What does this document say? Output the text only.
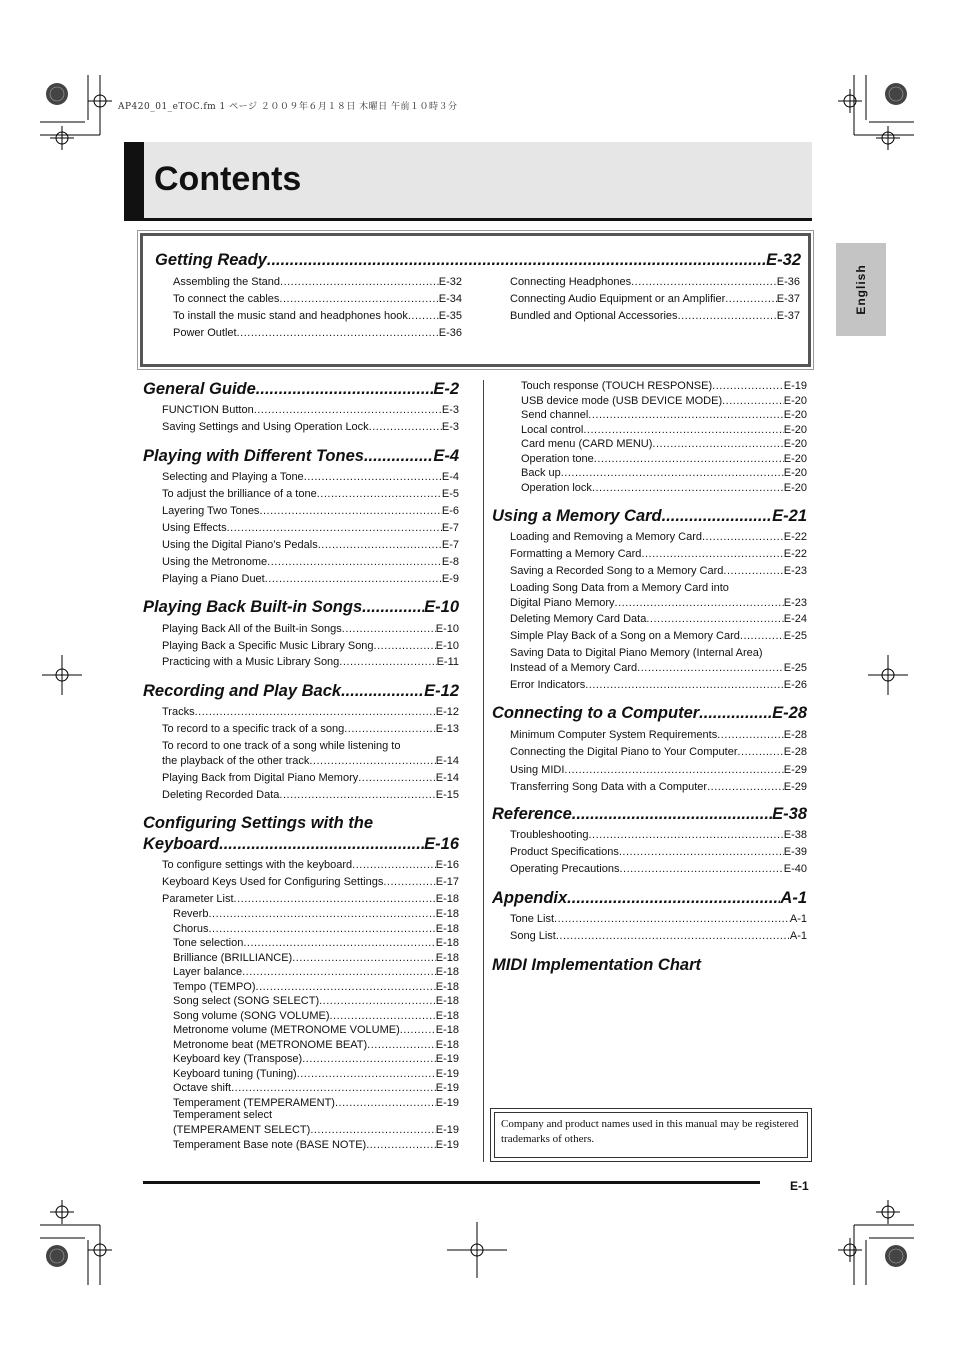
AP420_01_eTOC.fm 1 ページ ２００９年６月１８日 木曜日 午前１０時３分
Contents
English
Getting Ready .....	E-32
Assembling the Stand .....	E-32
To connect the cables .....	E-34
To install the music stand and headphones hook .....	E-35
Power Outlet .....	E-36
Connecting Headphones .....	E-36
Connecting Audio Equipment or an Amplifier .....	E-37
Bundled and Optional Accessories .....	E-37
General Guide .....	E-2
FUNCTION Button .....	E-3
Saving Settings and Using Operation Lock .....	E-3
Playing with Different Tones .....	E-4
Selecting and Playing a Tone .....	E-4
To adjust the brilliance of a tone .....	E-5
Layering Two Tones .....	E-6
Using Effects .....	E-7
Using the Digital Piano’s Pedals .....	E-7
Using the Metronome .....	E-8
Playing a Piano Duet .....	E-9
Playing Back Built-in Songs .....	E-10
Playing Back All of the Built-in Songs .....	E-10
Playing Back a Specific Music Library Song .....	E-10
Practicing with a Music Library Song .....	E-11
Recording and Play Back .....	E-12
Tracks .....	E-12
To record to a specific track of a song .....	E-13
To record to one track of a song while listening to
the playback of the other track .....	E-14
Playing Back from Digital Piano Memory .....	E-14
Deleting Recorded Data .....	E-15
Configuring Settings with the
Keyboard .....	E-16
To configure settings with the keyboard .....	E-16
Keyboard Keys Used for Configuring Settings .....	E-17
Parameter List .....	E-18
Reverb .....	E-18
Chorus .....	E-18
Tone selection .....	E-18
Brilliance (BRILLIANCE) .....	E-18
Layer balance .....	E-18
Tempo (TEMPO) .....	E-18
Song select (SONG SELECT) .....	E-18
Song volume (SONG VOLUME) .....	E-18
Metronome volume (METRONOME VOLUME) .....	E-18
Metronome beat (METRONOME BEAT) .....	E-18
Keyboard key (Transpose) .....	E-19
Keyboard tuning (Tuning) .....	E-19
Octave shift .....	E-19
Temperament (TEMPERAMENT) .....	E-19
Temperament select
(TEMPERAMENT SELECT) .....	E-19
Temperament Base note (BASE NOTE) .....	E-19
Touch response (TOUCH RESPONSE) .....	E-19
USB device mode (USB DEVICE MODE) .....	E-20
Send channel .....	E-20
Local control .....	E-20
Card menu (CARD MENU) .....	E-20
Operation tone .....	E-20
Back up .....	E-20
Operation lock .....	E-20
Using a Memory Card .....	E-21
Loading and Removing a Memory Card .....	E-22
Formatting a Memory Card .....	E-22
Saving a Recorded Song to a Memory Card .....	E-23
Loading Song Data from a Memory Card into
Digital Piano Memory .....	E-23
Deleting Memory Card Data .....	E-24
Simple Play Back of a Song on a Memory Card .....	E-25
Saving Data to Digital Piano Memory (Internal Area)
Instead of a Memory Card .....	E-25
Error Indicators .....	E-26
Connecting to a Computer .....	E-28
Minimum Computer System Requirements .....	E-28
Connecting the Digital Piano to Your Computer .....	E-28
Using MIDI .....	E-29
Transferring Song Data with a Computer .....	E-29
Reference .....	E-38
Troubleshooting .....	E-38
Product Specifications .....	E-39
Operating Precautions .....	E-40
Appendix .....	A-1
Tone List .....	A-1
Song List .....	A-1
MIDI Implementation Chart
Company and product names used in this manual may be registered trademarks of others.
E-1
